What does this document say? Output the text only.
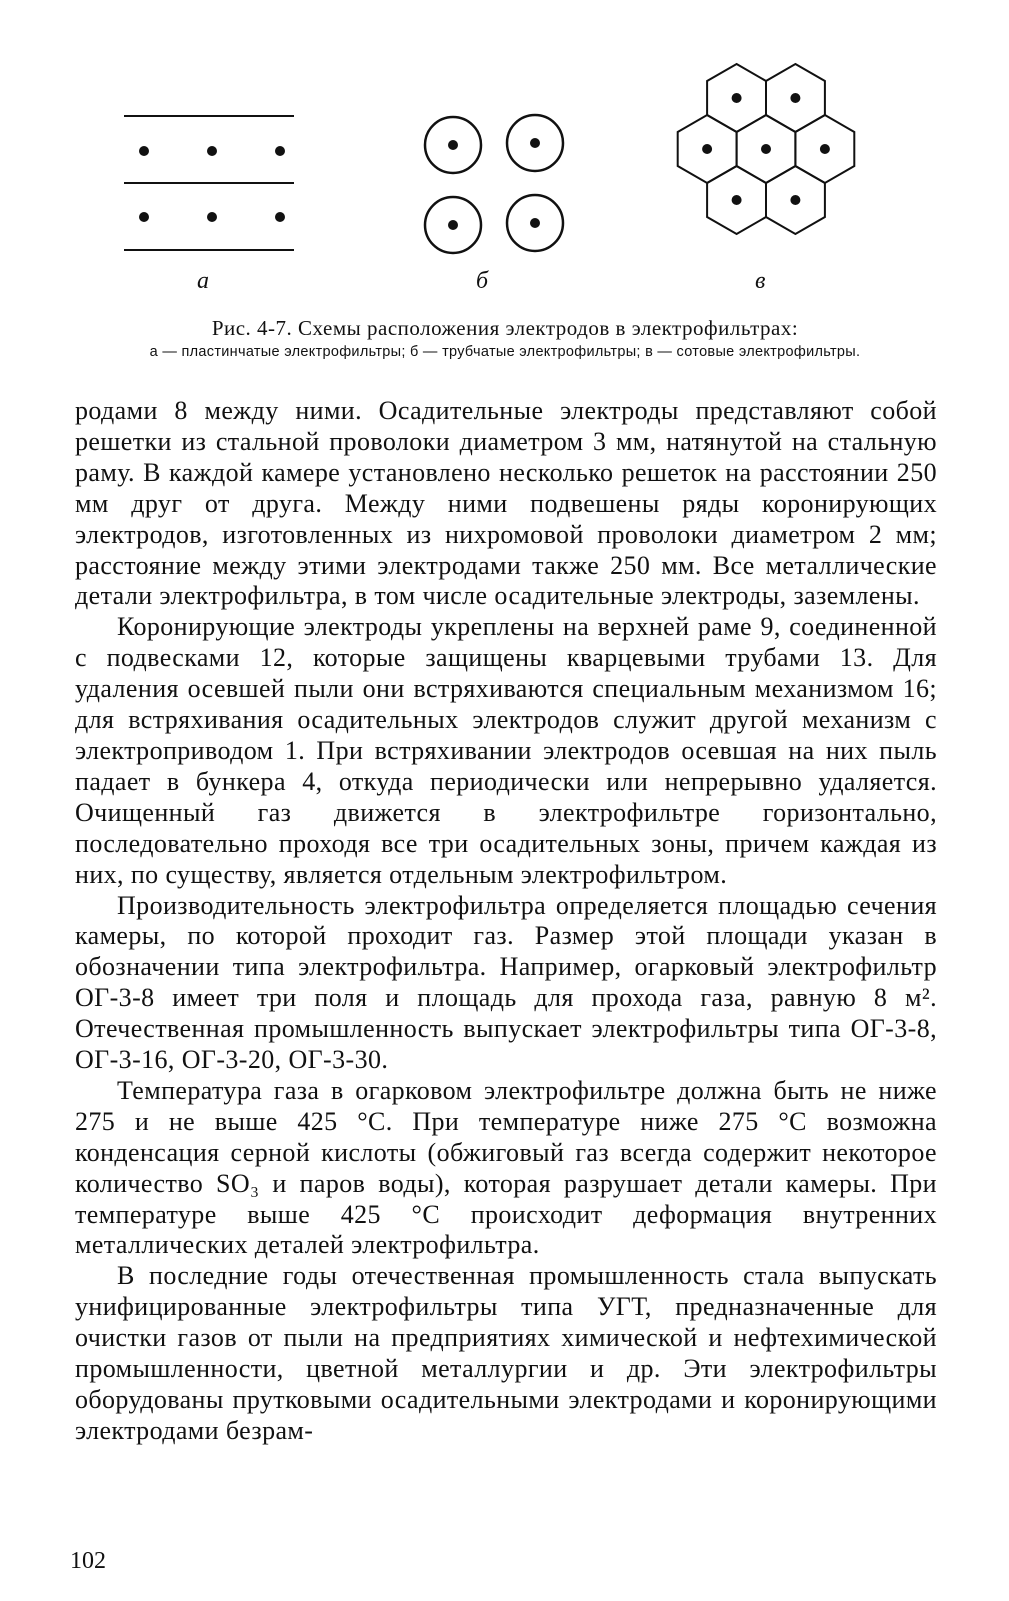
а	б	в
Рис. 4-7. Схемы расположения электродов в электрофильтрах:
а — пластинчатые электрофильтры; б — трубчатые электрофильтры; в — сотовые электрофильтры.

родами 8 между ними. Осадительные электроды представляют собой решетки из стальной проволоки диаметром 3 мм, натянутой на стальную раму. В каждой камере установлено несколько решеток на расстоянии 250 мм друг от друга. Между ними подвешены ряды коронирующих электродов, изготовленных из нихромовой проволоки диаметром 2 мм; расстояние между этими электродами также 250 мм. Все металлические детали электрофильтра, в том числе осадительные электроды, заземлены.

Коронирующие электроды укреплены на верхней раме 9, соединенной с подвесками 12, которые защищены кварцевыми трубами 13. Для удаления осевшей пыли они встряхиваются специальным механизмом 16; для встряхивания осадительных электродов служит другой механизм с электроприводом 1. При встряхивании электродов осевшая на них пыль падает в бункера 4, откуда периодически или непрерывно удаляется. Очищенный газ движется в электрофильтре горизонтально, последовательно проходя все три осадительных зоны, причем каждая из них, по существу, является отдельным электрофильтром.

Производительность электрофильтра определяется площадью сечения камеры, по которой проходит газ. Размер этой площади указан в обозначении типа электрофильтра. Например, огарковый электрофильтр ОГ-3-8 имеет три поля и площадь для прохода газа, равную 8 м². Отечественная промышленность выпускает электрофильтры типа ОГ-3-8, ОГ-3-16, ОГ-3-20, ОГ-3-30.

Температура газа в огарковом электрофильтре должна быть не ниже 275 и не выше 425 °С. При температуре ниже 275 °С возможна конденсация серной кислоты (обжиговый газ всегда содержит некоторое количество SO₃ и паров воды), которая разрушает детали камеры. При температуре выше 425 °С происходит деформация внутренних металлических деталей электрофильтра.

В последние годы отечественная промышленность стала выпускать унифицированные электрофильтры типа УГТ, предназначенные для очистки газов от пыли на предприятиях химической и нефтехимической промышленности, цветной металлургии и др. Эти электрофильтры оборудованы прутковыми осадительными электродами и коронирующими электродами безрам-

102
